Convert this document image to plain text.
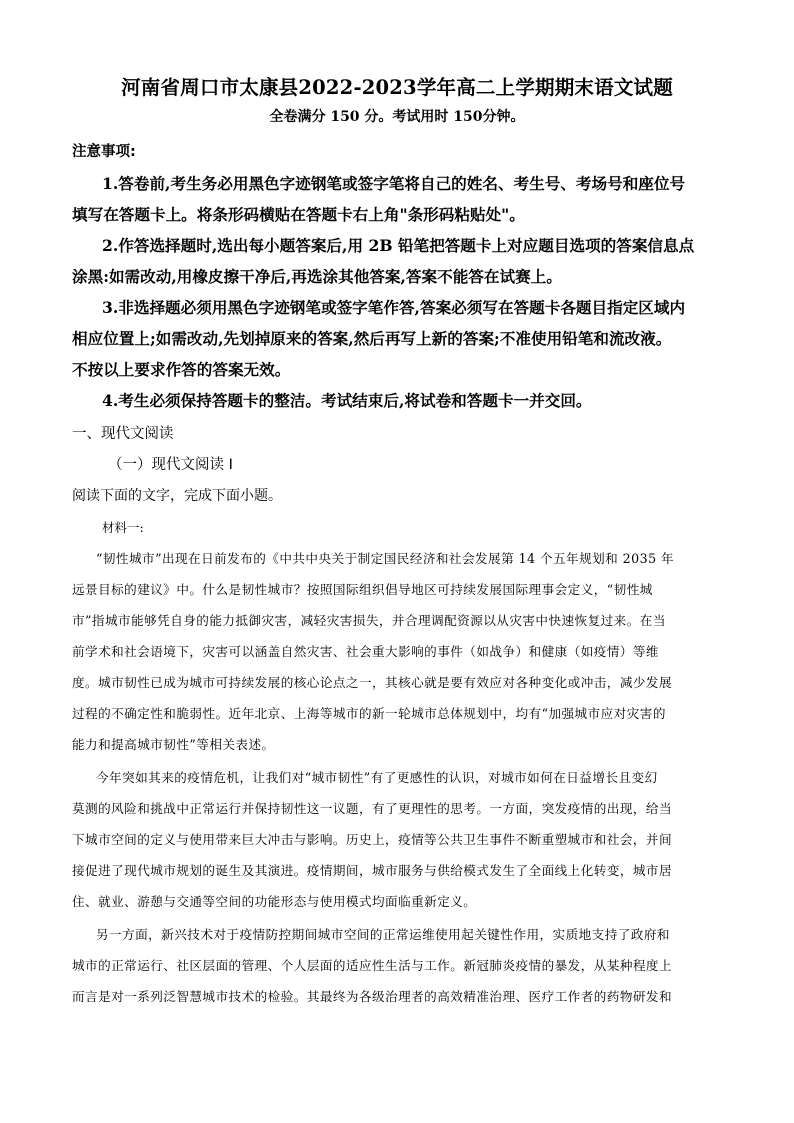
河南省周口市太康县2022-2023学年高二上学期期末语文试题
全卷满分 150 分。考试用时 150分钟。
注意事项:
1.答卷前,考生务必用黑色字迹钢笔或签字笔将自己的姓名、考生号、考场号和座位号
填写在答题卡上。将条形码横贴在答题卡右上角"条形码粘贴处"。
2.作答选择题时,选出每小题答案后,用 2B 铅笔把答题卡上对应题目选项的答案信息点
涂黑:如需改动,用橡皮擦干净后,再选涂其他答案,答案不能答在试赛上。
3.非选择题必须用黑色字迹钢笔或签字笔作答,答案必须写在答题卡各题目指定区域内
相应位置上;如需改动,先划掉原来的答案,然后再写上新的答案;不准使用铅笔和流改液。
不按以上要求作答的答案无效。
4.考生必须保持答题卡的整洁。考试结束后,将试卷和答题卡一并交回。
一、现代文阅读
（一）现代文阅读 I
阅读下面的文字，完成下面小题。
材料一:
“韧性城市”出现在日前发布的《中共中央关于制定国民经济和社会发展第 14 个五年规划和 2035 年
远景目标的建议》中。什么是韧性城市？按照国际组织倡导地区可持续发展国际理事会定义，“韧性城
市”指城市能够凭自身的能力抵御灾害，减轻灾害损失，并合理调配资源以从灾害中快速恢复过来。在当
前学术和社会语境下，灾害可以涵盖自然灾害、社会重大影响的事件（如战争）和健康（如疫情）等维
度。城市韧性已成为城市可持续发展的核心论点之一，其核心就是要有效应对各种变化或冲击，减少发展
过程的不确定性和脆弱性。近年北京、上海等城市的新一轮城市总体规划中，均有“加强城市应对灾害的
能力和提高城市韧性”等相关表述。
今年突如其来的疫情危机，让我们对“城市韧性”有了更感性的认识，对城市如何在日益增长且变幻
莫测的风险和挑战中正常运行并保持韧性这一议题，有了更理性的思考。一方面，突发疫情的出现，给当
下城市空间的定义与使用带来巨大冲击与影响。历史上，疫情等公共卫生事件不断重塑城市和社会，并间
接促进了现代城市规划的诞生及其演进。疫情期间，城市服务与供给模式发生了全面线上化转变，城市居
住、就业、游憩与交通等空间的功能形态与使用模式均面临重新定义。
另一方面，新兴技术对于疫情防控期间城市空间的正常运维使用起关键性作用，实质地支持了政府和
城市的正常运行、社区层面的管理、个人层面的适应性生活与工作。新冠肺炎疫情的暴发，从某种程度上
而言是对一系列泛智慧城市技术的检验。其最终为各级治理者的高效精准治理、医疗工作者的药物研发和
